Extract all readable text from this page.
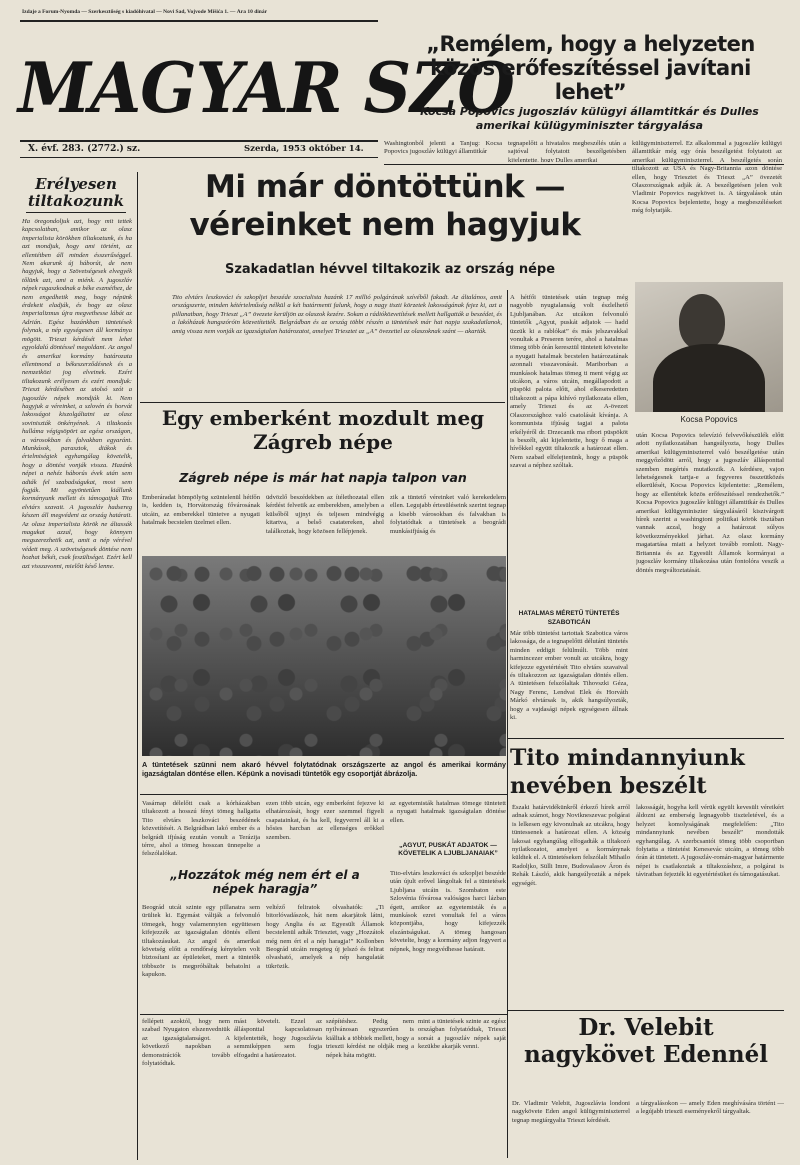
Izdaje a Forum-Nyomda — Szerkesztőség s kiadóhivatal — Novi Sad, Vojvode Mišića 1. — Ára 10 dinár
MAGYAR SZÓ
X. évf. 283. (2772.) sz.	Szerda, 1953 október 14.
„Remélem, hogy a helyzeten közös erőfeszítéssel javítani lehet”
Kocsa Popovics jugoszláv külügyi államtitkár és Dulles amerikai külügyminiszter tárgyalása
Washingtonból jelenti a Tanjug: Kocsa Popovics jugoszláv külügyi államtitkár
tegnapelőtt a hivatalos megbeszélés után a sajtóval folytatott beszélgetésben kijelentette, hogy Dulles amerikai
külügyminiszterrel. Ez alkalommal a jugoszláv külügyi államtitkár még egy órás beszélgetést folytatott az amerikai külügyminiszterrel. A beszélgetés során tiltakozott az USA és Nagy-Britannia azon döntése ellen, hogy Triesztet és Trieszt „A” övezetét Olaszországnak adják át. A beszélgetésen jelen volt Vladimir Popovics nagykövet is. A tárgyalások után Kocsa Popovics bejelentette, hogy a megbeszéléseket még folytatják.
Erélyesen tiltakozunk
Ha öregondoljuk azt, hogy mit tettek kapcsolatban, amikor az olasz imperialista körökben tiltakoztunk, és ha azt mondjuk, hogy ami történt, az ellentétben áll minden ésszerűséggel. Nem akarunk új háborút, de nem hagyjuk, hogy a Szövetségesek elvegyék tőlünk azt, ami a miénk. A jugoszláv népek ragaszkodnak a béke eszméihez, de nem engedhetik meg, hogy népünk érdekeit eladják, és hogy az olasz imperializmus újra megvethesse lábát az Adrián. Egész hazánkban tüntetések folynak, a nép egységesen áll kormánya mögött. Trieszt kérdését nem lehet egyoldalú döntéssel megoldani. Az angol és amerikai kormány határozata ellentmond a békeszerződésnek és a nemzetközi jog elveinek. Ezért tiltakozunk erélyesen és ezért mondjuk: Trieszt kérdésében az utolsó szót a jugoszláv népek mondják ki. Nem hagyjuk a véreinket, a szlovén és horvát lakosságot kiszolgáltatni az olasz soviniszták önkényének. A tiltakozás hulláma végigsöpört az egész országon, a városokban és falvakban egyaránt. Munkások, parasztok, diákok és értelmiségiek egyhangúlag követelik, hogy a döntést vonják vissza. Hazánk népei a nehéz háborús évek után sem adták fel szabadságukat, most sem fogják. Mi egyöntetűen kiállunk kormányunk mellett és támogatjuk Tito elvtárs szavait. A jugoszláv hadsereg készen áll megvédeni az ország határait. Az olasz imperialista körök ne áltassák magukat azzal, hogy könnyen megszerezhetik azt, amit a nép vérével védett meg. A szövetségesek döntése nem hozhat békét, csak feszültséget. Ezért kell azt visszavonni, mielőtt késő lenne.
Mi már döntöttünk — véreinket nem hagyjuk
Szakadatlan hévvel tiltakozik az ország népe
Tito elvtárs leszkováci és szkopljei beszéde szocialista hazánk 17 millió polgárának szívéből fakadt. Az általános, amit országszerte, minden kétértelműség nélkül a két határmenti falunk, hogy a nagy tiszti körzetek lakosságának fejez ki, azt a pillanatban, hogy Trieszt „A” övezete kerüljön az olaszok kezére. Sokan a rádióközvetítések mellett hallgatták a beszédet, és a lakóházak hangszóróin közvetítették. Belgrádban és az ország többi részén a tüntetések már hat napja szakadatlanok, amig vissza nem vonják az igazságtalan határozatot, amelyet Triesztet az „A” övezettel az olaszoknak szánt — akarták.
A hétfői tüntetések után tegnap még nagyobb nyugtalanság volt észlelhető Ljubljanában. Az utcákon felvonuló tüntetők „Agyut, puskát adjatok — hadd üzzük ki a rablókat” és más jelszavakkal vonultak a Preseren terére, ahol a hatalmas tömeg több órán keresztül tüntetett követelte a nyugati hatalmak becstelen határozatának azonnali visszavonását. Mariborban a munkások hatalmas tömeg ti ment végig az utcákon, a város utcáin, megállapodott a püspöki palota előtt, ahol elkeseredetten tiltakozott a pápa kihívó nyilatkozata ellen, amely Trieszt és az A-övezet Olaszországhoz való csatolását kívánja. A kommunista ifjúság tagjai a palota erkélyéről dr. Drzecanik ma ribori püspököt is beszélt, aki kijelentette, hogy ő maga a hívőkkel együtt tiltakozik a határozat ellen. Nem szabad elfelejtenünk, hogy a püspök szavai a néphez szóltak.
HATALMAS MÉRETŰ TÜNTETÉS SZABOTICÁN
Már több tüntetést tartottak Szabotica város lakossága, de a tegnapelőtti délutáni tüntetés minden eddigit felülmúlt. Több mint harmincezer ember vonult az utcákra, hogy kifejezze egyetértését Tito elvtárs szavaival és tiltakozzon az igazságtalan döntés ellen. A tüntetésen felszólaltak Tihovszki Géza, Nagy Ferenc, Lendvai Elek és Horváth Márkó elvtársak is, akik hangsúlyozták, hogy a vajdasági népek egységesen állnak ki.
Kocsa Popovics
után Kocsa Popovics televízió felvevőkészülék előtt adott nyilatkozatában hangsúlyozta, hogy Dulles amerikai külügyminiszterrel való beszélgetése után meggyőződött arról, hogy a jugoszláv állásponttal szemben megértés mutatkozik. A kérdésre, vajon lehetségesnek tartja-e a fegyveres összeütközés elkerülését, Kocsa Popovics kijelentette: „Remélem, hogy az ellentétek közös erőfeszítéssel rendezhetők.” Kocsa Popovics jugoszláv külügyi államtitkár és Dulles amerikai külügyminiszter tárgyalásáról kiszivárgott hírek szerint a washingtoni politikai körök tisztában vannak azzal, hogy a határozat súlyos következményekkel járhat. Az olasz kormány magatartása miatt a helyzet tovább romlott. Nagy-Britannia és az Egyesült Államok kormányai a jugoszláv kormány tiltakozása után fontolóra veszik a döntés megváltoztatását.
Egy emberként mozdult meg Zágreb népe
Zágreb népe is már hat napja talpon van
Emberáradat hömpölyög szüntelenül hétfőn is, kedden is, Horvátország fővárosának utcáin, az emberekkel tüntetve a nyugati hatalmak becstelen üzelmei ellen.
üdvözlő beszédekben az ítélethozatal ellen kérdést felvetik az emberekben, amelyben a külsőből ujjnyi és teljesen mindvégig kitartva, a belső csatatereken, ahol találkoztak, hogy közösen fellépjenek.
zik a tüntető véreinket való kerekedelem ellen. Legujabb értesüléseink szerint tegnap a kisebb városokban és falvakban is folytatódtak a tüntetések a beográdi munkásifjúság és
A tüntetések szünni nem akaró hévvel folytatódnak országszerte az angol és amerikai kormány igazságtalan döntése ellen. Képünk a novisadi tüntetők egy csoportját ábrázolja.
Vasárnap délelőtt csak a kórházakban tiltakozott a hosszú fényi tömeg hallgatta Tito elvtárs leszkováci beszédének közvetítését. A Belgrádban lakó ember és a belgrádi ifjúság ezután vonult a Terázija térre, ahol a tömeg hosszan ünnepelte a felszólalókat.
ezen több utcán, egy emberként fejezve ki elhatározását, hogy ezer szemmel figyeli csapatainkat, és ha kell, fegyverrel áll ki a hősies harcban az ellenséges erőkkel szemben.
„Hozzátok még nem ért el a népek haragja”
Beográd utcái szinte egy pillanatra sem ürültek ki. Egymást váltják a felvonuló tömegek, hogy valamennyien együttesen kifejezzék az igazságtalan döntés elleni tiltakozásukat. Az angol és amerikai követség előtt a rendőrség kénytelen volt biztosítani az épületeket, mert a tüntetők többször is megpróbáltak behatolni a kapukon.
veltéző feliratok olvashatók: „Ti bitorlóvadászok, hát nem akarjátok látni, hogy Anglia és az Egyesült Államok becstelenül adták Triesztet, vagy „Hozzátok még nem ért el a nép haragja!” Kollonben Beográd utcáin rengeteg új jelszó és felirat olvasható, amelyek a nép hangulatát tükrözik.
az egyetemisták hatalmas tömege tüntetett a nyugati hatalmak igazságtalan döntése ellen.
„AGYUT, PUSKÁT ADJATOK — KÖVETELIK A LJUBLJANAIAK”
Tito-elvtárs leszkováci és szkopljei beszéde után újult erővel lángoltak fel a tüntetések Ljubljana utcáin is. Szombaton este Szlovénia fővárosa valóságos harci lázban égett, amikor az egyetemisták és a munkások ezrei vonultak fel a város központjába, hogy kifejezzék elszántságukat. A tömeg hangosan követelte, hogy a kormány adjon fegyvert a népnek, hogy megvédhesse határait.
Tito mindannyiunk nevében beszélt
Északi határvidékünkről érkező hírek arról adnak számot, hogy Novikneszevac polgárai is lelkesen egy kivonulnak az utcákra, hogy tüntessenek a határozat ellen. A község lakosai egyhangúlag elfogadták a tiltakozó nyilatkozatot, amelyet a kormánynak küldtek el. A tüntetéseken felszólalt Mihailo Radoljko, Sülli Imre, Budovalasov Áron és Rehák László, akik hangsúlyozták a népek egységét.
lakosságát, hogyha kell vérük egyült kevesült véreikért áldozni az emberség legnagyobb tiszteletével, és a helyzet komolyságának megfelelően: „Tito mindannyiunk nevében beszélt” mondották egyhangúlag. A szerbcsantói tömeg több csoportban folytatta a tüntetést Kenesevác utcáin, a tömeg több órán át tüntetett. A jugoszláv-román-magyar határmente népei is csatlakoztak a tiltakozáshoz, a polgárai is táviratban fejezték ki egyetértésüket és támogatásukat.
Dr. Velebit nagykövet Edennél
Dr. Vladimir Velebit, Jugoszlávia londoni nagykövete Eden angol külügyminiszterrel tegnap megtárgyalta Trieszt kérdését.
a tárgyalásokon — amely Eden meghívására történt — a legújabb trieszti eseményekről tárgyaltak.
fellépett azoktól, hogy nem szabad Nyugaton elszenvedniük az igazságtalanságot. A következő napokban a demonstrációk tovább folytatódtak.
mást követelt. Ezzel az állásponttal kapcsolatosan kijelentették, hogy Jugoszlávia semmiképpen sem fogja elfogadni a határozatot.
szépítéshez. Pedig nem nyilvánosan egyszerűen is kiálltak a többiek mellett, hogy a trieszti kérdést ne oldják meg a népek háta mögött.
mint a tüntetések szinte az egész országban folytatódtak, Trieszt sorsát a jugoszláv népek saját kezükbe akarják venni.
